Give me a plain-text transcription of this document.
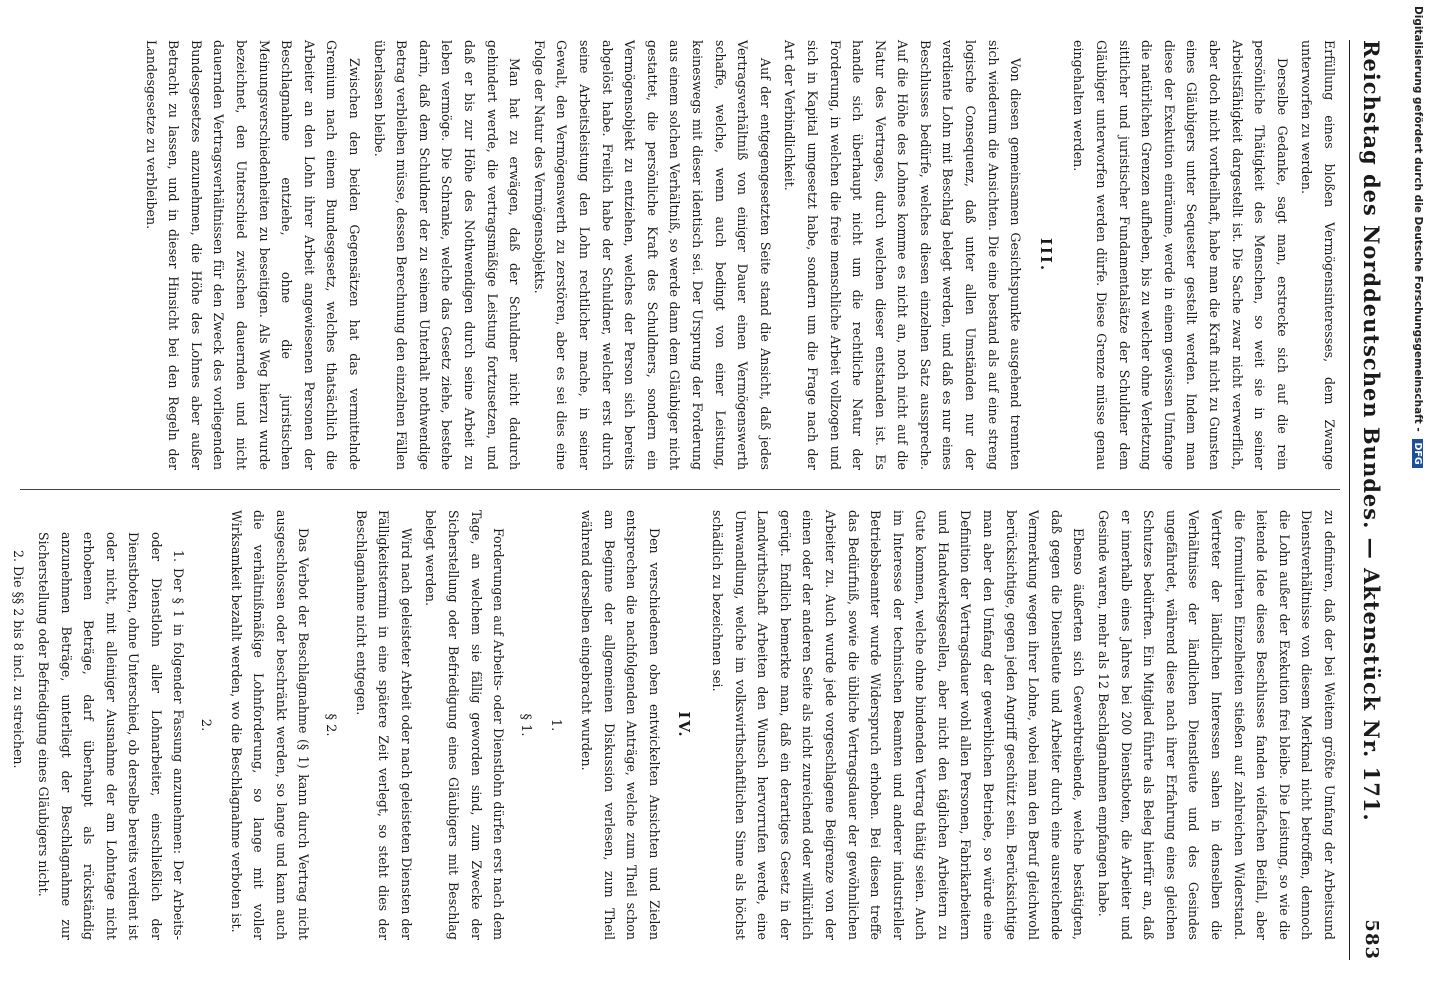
Reichstag des Norddeutschen Bundes. — Aktenstück Nr. 171.
583

Erfüllung eines bloßen Vermögensinteresses, dem Zwange unterworfen zu werden.

Derselbe Gedanke, sagt man, erstrecke sich auf die rein persönliche Thätigkeit des Menschen, so weit sie in seiner Arbeitsfähigkeit dargestellt ist. Die Sache zwar nicht verwerflich, aber doch nicht vortheilhaft, habe man die Kraft nicht zu Gunsten eines Gläubigers unter Sequester gestellt werden. Indem man diese der Exekution einräume, werde in einem gewissen Umfange die natürlichen Grenzen aufheben, bis zu welcher ohne Verletzung sittlicher und juristischer Fundamentalsätze der Schuldner dem Gläubiger unterworfen werden dürfe. Diese Grenze müsse genau eingehalten werden.

III.

Von diesen gemeinsamen Gesichtspunkte ausgehend trennten sich wiederum die Ansichten. Die eine bestand als auf eine streng logische Consequenz, daß unter allen Umständen nur der verdiente Lohn mit Beschlag belegt werden, und daß es nur eines Beschlusses bedürfe, welches diesen einzelnen Satz ausspreche. Auf die Höhe des Lohnes komme es nicht an, noch nicht auf die Natur des Vertrages, durch welchen dieser entstanden ist. Es handle sich überhaupt nicht um die rechtliche Natur der Forderung, in welchen die freie menschliche Arbeit vollzogen und sich in Kapital umgesetzt habe, sondern um die Frage nach der Art der Verbindlichkeit.

Auf der entgegengesetzten Seite stand die Ansicht, daß jedes Vertragsverhältniß von einiger Dauer einen Vermögenswerth schaffe, welche, wenn auch bedingt von einer Leistung, keineswegs mit dieser identisch sei. Der Ursprung der Forderung aus einem solchen Verhältniß, so werde dann dem Gläubiger nicht gestattet, die persönliche Kraft des Schuldners, sondern ein Vermögensobjekt zu entziehen, welches der Person sich bereits abgelöst habe. Freilich habe der Schuldner, welcher erst durch seine Arbeitsleistung den Lohn rechtlicher mache, in seiner Gewalt, den Vermögenswerth zu zerstören, aber es sei dies eine Folge der Natur des Vermögensobjekts.

Man hat zu erwägen, daß der Schuldner nicht dadurch gehindert werde, die vertragsmäßige Leistung fortzusetzen, und daß er bis zur Höhe des Nothwendigen durch seine Arbeit zu leben vermöge. Die Schranke, welche das Gesetz ziehe, bestehe darin, daß dem Schuldner der zu seinem Unterhalt nothwendige Betrag verbleiben müsse, dessen Berechnung den einzelnen Fällen überlassen bleibe.

Zwischen den beiden Gegensätzen hat das vermittelnde Gremium nach einem Bundesgesetz, welches thatsächlich die Arbeiter an den Lohn ihrer Arbeit angewiesenen Personen der Beschlagnahme entziehe, ohne die juristischen Meinungsverschiedenheiten zu beseitigen. Als Weg hierzu wurde bezeichnet, den Unterschied zwischen dauernden und nicht dauernden Vertragsverhältnissen für den Zweck des vorliegenden Bundesgesetzes anzunehmen, die Höhe des Lohnes aber außer Betracht zu lassen, und in dieser Hinsicht bei den Regeln der Landesgesetze zu verbleiben.

zu definiren, daß der bei Weitem größte Umfang der Arbeitsund Dienstverhältnisse von diesem Merkmal nicht betroffen, dennoch die Lohn außer der Exekution frei bleibe. Die Leistung, so wie die leitende Idee dieses Beschlusses fanden vielfachen Beifall, aber die formulirten Einzelheiten stießen auf zahlreichen Widerstand. Vertreter der ländlichen Interessen sahen in denselben die Verhältnisse der ländlichen Dienstleute und des Gesindes ungefährdet, während diese nach ihrer Erfahrung eines gleichen Schutzes bedürften. Ein Mitglied führte als Beleg hierfür an, daß er innerhalb eines Jahres bei 200 Dienstboten, die Arbeiter und Gesinde waren, mehr als 12 Beschlagnahmen empfangen habe.

Ebenso äußerten sich Gewerbtreibende, welche bestätigten, daß gegen die Dienstleute und Arbeiter durch eine ausreichende Vermerkung wegen ihrer Lohne, wobei man den Beruf gleichwohl berücksichtige, gegen jeden Angriff geschützt sein. Berücksichtige man aber den Umfang der gewerblichen Betriebe, so würde eine Definition der Vertragsdauer wohl allen Personen, Fabrikarbeitern und Handwerksgesellen, aber nicht den täglichen Arbeitern zu Gute kommen, welche ohne bindenden Vertrag thätig seien. Auch im Interesse der technischen Beamten und anderer industrieller Betriebsbeamter wurde Widerspruch erhoben. Bei diesen treffe das Bedürfniß, sowie die übliche Vertragsdauer der gewöhnlichen Arbeiter zu. Auch wurde jede vorgeschlagene Beigrenze von der einen oder der anderen Seite als nicht zureichend oder willkürlich gerügt. Endlich bemerkte man, daß ein derartiges Gesetz in der Landwirthschaft Arbeiten den Wunsch hervorrufen werde, eine Umwandlung, welche im volkswirthschaftlichen Sinne als höchst schädlich zu bezeichnen sei.

IV.

Den verschiedenen oben entwickelten Ansichten und Zielen entsprechen die nachfolgenden Anträge, welche zum Theil schon am Beginne der allgemeinen Diskussion verlesen, zum Theil während derselben eingebracht wurden.

1.
§ 1.

Forderungen auf Arbeits- oder Dienstlohn dürfen erst nach dem Tage, an welchem sie fällig geworden sind, zum Zwecke der Sicherstellung oder Befriedigung eines Gläubigers mit Beschlag belegt werden.

Wird nach geleisteter Arbeit oder nach geleisteten Diensten der Fälligkeitstermin in eine spätere Zeit verlegt, so steht dies der Beschlagnahme nicht entgegen.

§ 2.

Das Verbot der Beschlagnahme (§ 1) kann durch Vertrag nicht ausgeschlossen oder beschränkt werden, so lange und kann auch die verhältnißmäßige Lohnforderung, so lange mit voller Wirksamkeit bezahlt werden, wo die Beschlagnahme verboten ist.

2.

1. Der § 1 in folgender Fassung anzunehmen: Der Arbeits- oder Dienstlohn aller Lohnarbeiter, einschließlich der Dienstboten, ohne Unterschied, ob derselbe bereits verdient ist oder nicht, mit alleiniger Ausnahme der am Lohntage nicht erhobenen Beträge, darf überhaupt als rückständig anzunehmen Beträge, unterliegt der Beschlagnahme zur Sicherstellung oder Befriedigung eines Gläubigers nicht.

2. Die §§ 2 bis 8 incl. zu streichen.

Digitalisierung gefördert durch die Deutsche Forschungsgemeinschaft - DFG
